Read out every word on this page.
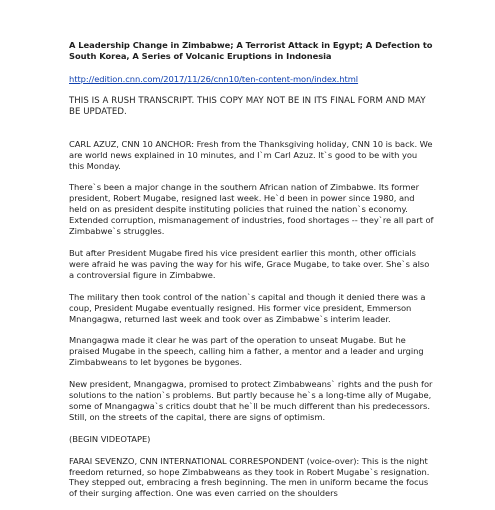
A Leadership Change in Zimbabwe; A Terrorist Attack in Egypt; A Defection to South Korea, A Series of Volcanic Eruptions in Indonesia
http://edition.cnn.com/2017/11/26/cnn10/ten-content-mon/index.html
THIS IS A RUSH TRANSCRIPT. THIS COPY MAY NOT BE IN ITS FINAL FORM AND MAY BE UPDATED.
CARL AZUZ, CNN 10 ANCHOR: Fresh from the Thanksgiving holiday, CNN 10 is back. We are world news explained in 10 minutes, and I`m Carl Azuz. It`s good to be with you this Monday.
There`s been a major change in the southern African nation of Zimbabwe. Its former president, Robert Mugabe, resigned last week. He`d been in power since 1980, and held on as president despite instituting policies that ruined the nation`s economy. Extended corruption, mismanagement of industries, food shortages -- they`re all part of Zimbabwe`s struggles.
But after President Mugabe fired his vice president earlier this month, other officials were afraid he was paving the way for his wife, Grace Mugabe, to take over. She`s also a controversial figure in Zimbabwe.
The military then took control of the nation`s capital and though it denied there was a coup, President Mugabe eventually resigned. His former vice president, Emmerson Mnangagwa, returned last week and took over as Zimbabwe`s interim leader.
Mnangagwa made it clear he was part of the operation to unseat Mugabe. But he praised Mugabe in the speech, calling him a father, a mentor and a leader and urging Zimbabweans to let bygones be bygones.
New president, Mnangagwa, promised to protect Zimbabweans` rights and the push for solutions to the nation`s problems. But partly because he`s a long-time ally of Mugabe, some of Mnangagwa`s critics doubt that he`ll be much different than his predecessors. Still, on the streets of the capital, there are signs of optimism.
(BEGIN VIDEOTAPE)
FARAI SEVENZO, CNN INTERNATIONAL CORRESPONDENT (voice-over): This is the night freedom returned, so hope Zimbabweans as they took in Robert Mugabe`s resignation. They stepped out, embracing a fresh beginning. The men in uniform became the focus of their surging affection. One was even carried on the shoulders
